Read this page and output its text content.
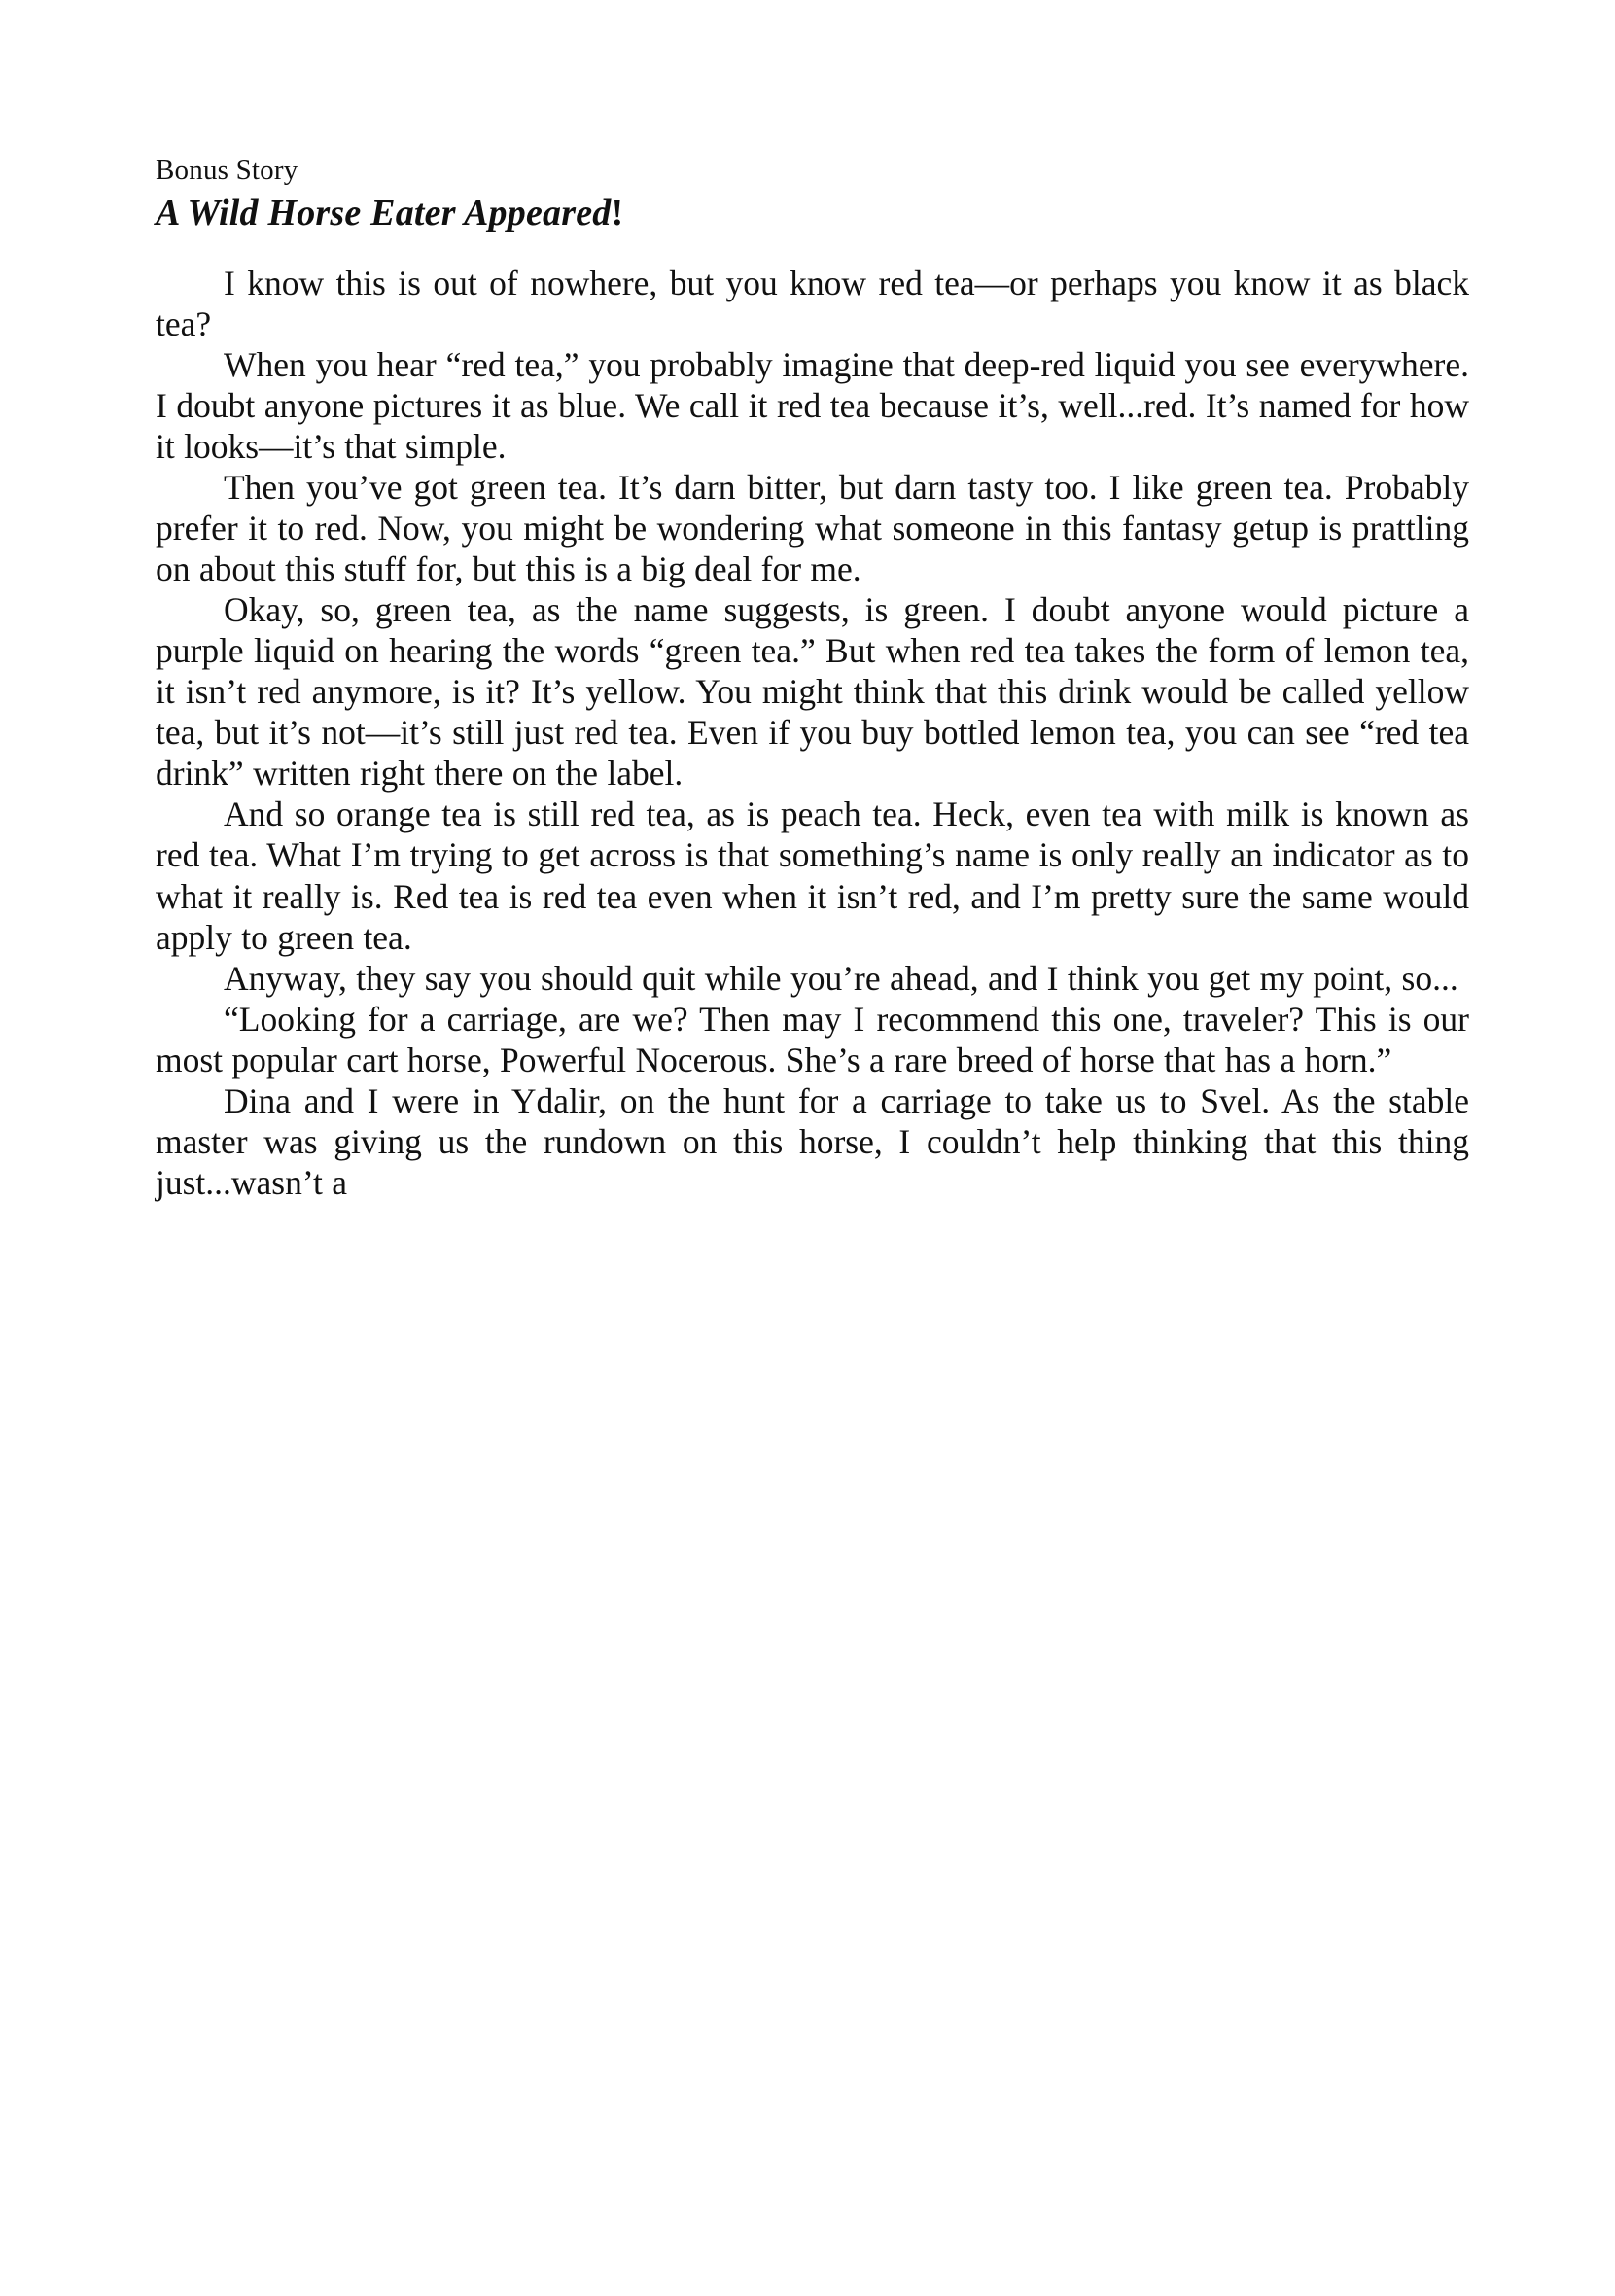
Bonus Story
A Wild Horse Eater Appeared!

I know this is out of nowhere, but you know red tea—or perhaps you know it as black tea?

When you hear “red tea,” you probably imagine that deep-red liquid you see everywhere. I doubt anyone pictures it as blue. We call it red tea because it’s, well...red. It’s named for how it looks—it’s that simple.

Then you’ve got green tea. It’s darn bitter, but darn tasty too. I like green tea. Probably prefer it to red. Now, you might be wondering what someone in this fantasy getup is prattling on about this stuff for, but this is a big deal for me.

Okay, so, green tea, as the name suggests, is green. I doubt anyone would picture a purple liquid on hearing the words “green tea.” But when red tea takes the form of lemon tea, it isn’t red anymore, is it? It’s yellow. You might think that this drink would be called yellow tea, but it’s not—it’s still just red tea. Even if you buy bottled lemon tea, you can see “red tea drink” written right there on the label.

And so orange tea is still red tea, as is peach tea. Heck, even tea with milk is known as red tea. What I’m trying to get across is that something’s name is only really an indicator as to what it really is. Red tea is red tea even when it isn’t red, and I’m pretty sure the same would apply to green tea.

Anyway, they say you should quit while you’re ahead, and I think you get my point, so...

“Looking for a carriage, are we? Then may I recommend this one, traveler? This is our most popular cart horse, Powerful Nocerous. She’s a rare breed of horse that has a horn.”

Dina and I were in Ydalir, on the hunt for a carriage to take us to Svel. As the stable master was giving us the rundown on this horse, I couldn’t help thinking that this thing just...wasn’t a
